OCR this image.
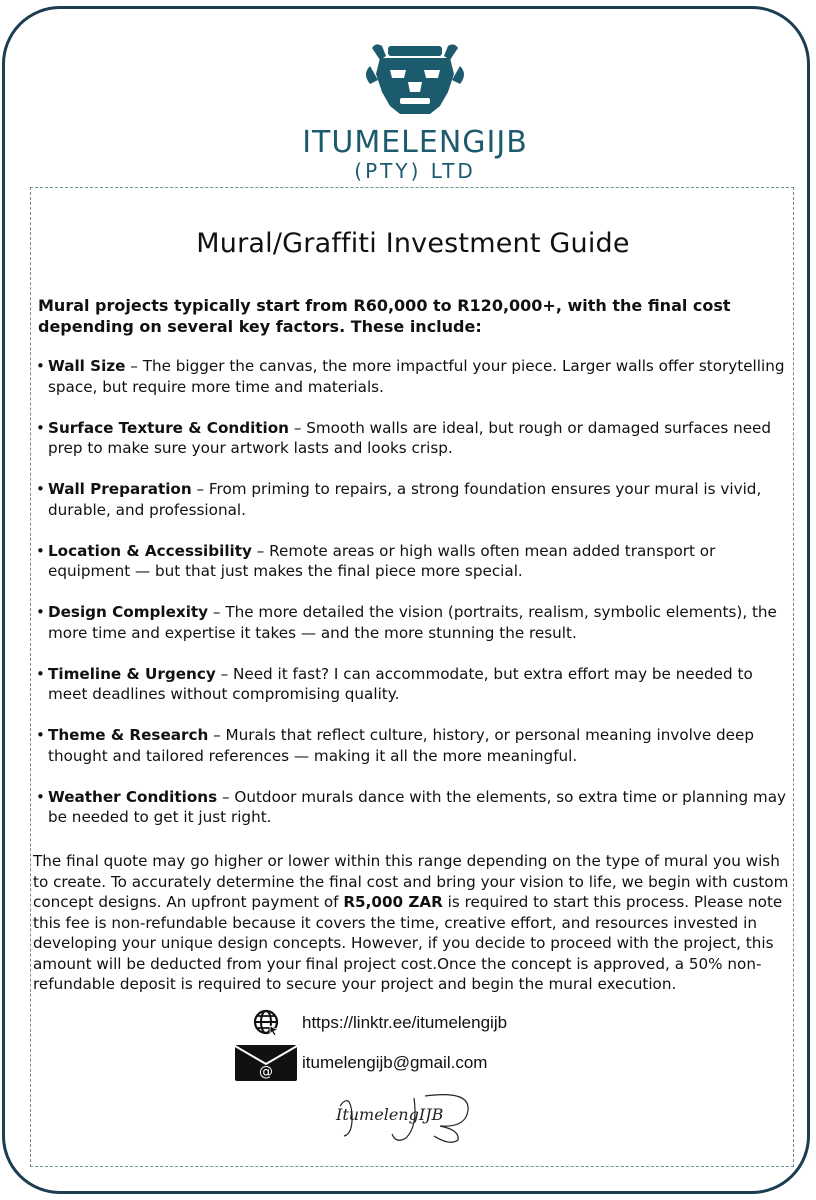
ITUMELENGIJB
(PTY) LTD
Mural/Graffiti Investment Guide
Mural projects typically start from R60,000 to R120,000+, with the final cost depending on several key factors. These include:
• Wall Size – The bigger the canvas, the more impactful your piece. Larger walls offer storytelling space, but require more time and materials.
• Surface Texture & Condition – Smooth walls are ideal, but rough or damaged surfaces need prep to make sure your artwork lasts and looks crisp.
• Wall Preparation – From priming to repairs, a strong foundation ensures your mural is vivid, durable, and professional.
• Location & Accessibility – Remote areas or high walls often mean added transport or equipment — but that just makes the final piece more special.
• Design Complexity – The more detailed the vision (portraits, realism, symbolic elements), the more time and expertise it takes — and the more stunning the result.
• Timeline & Urgency – Need it fast? I can accommodate, but extra effort may be needed to meet deadlines without compromising quality.
• Theme & Research – Murals that reflect culture, history, or personal meaning involve deep thought and tailored references — making it all the more meaningful.
• Weather Conditions – Outdoor murals dance with the elements, so extra time or planning may be needed to get it just right.
The final quote may go higher or lower within this range depending on the type of mural you wish to create. To accurately determine the final cost and bring your vision to life, we begin with custom concept designs. An upfront payment of R5,000 ZAR is required to start this process. Please note this fee is non-refundable because it covers the time, creative effort, and resources invested in developing your unique design concepts. However, if you decide to proceed with the project, this amount will be deducted from your final project cost.Once the concept is approved, a 50% non-refundable deposit is required to secure your project and begin the mural execution.
https://linktr.ee/itumelengijb
@ itumelengijb@gmail.com
ItumelengIJB
